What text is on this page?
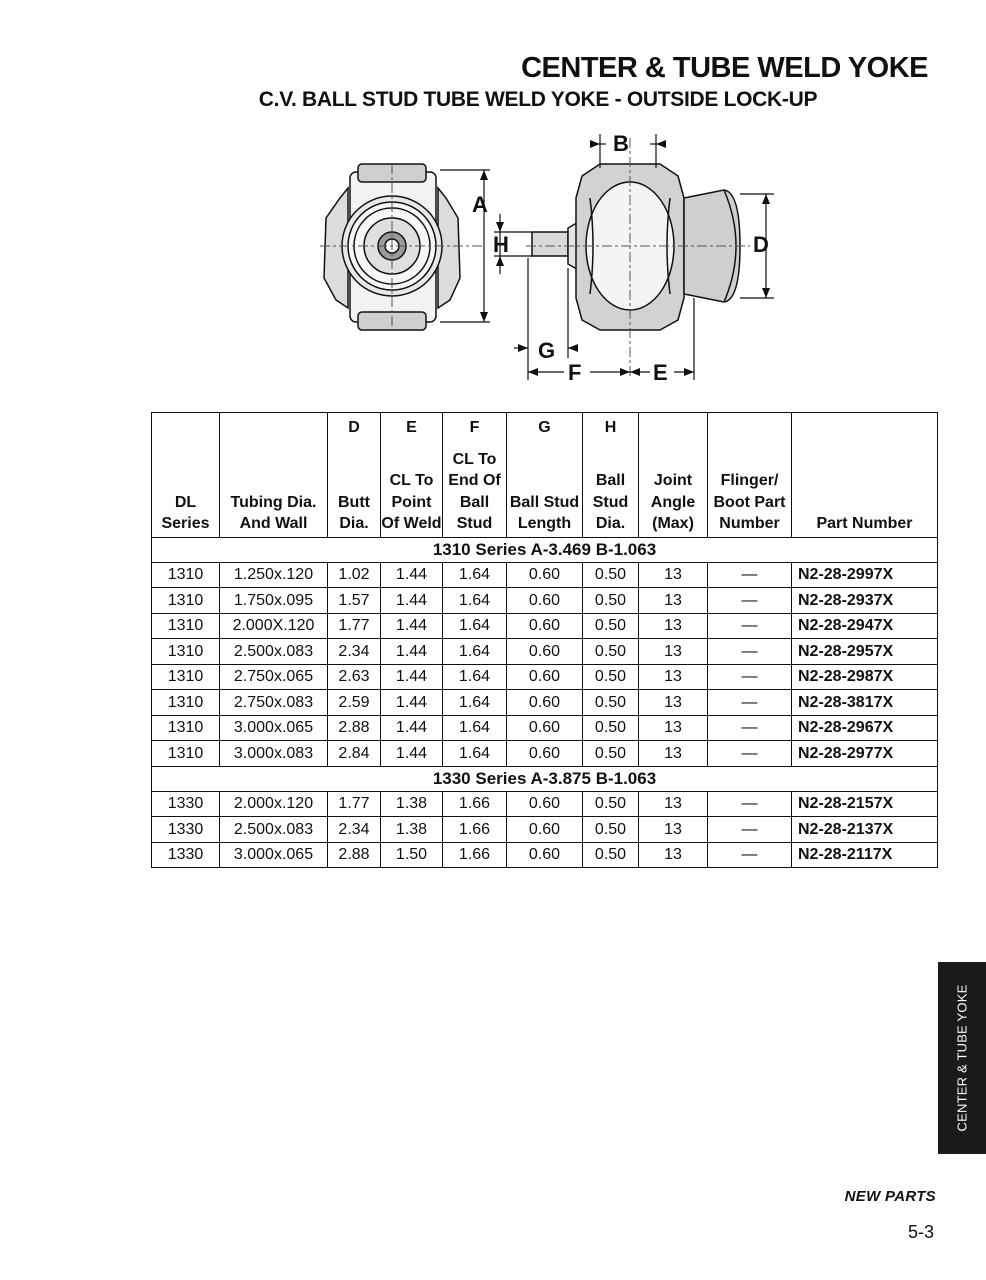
CENTER & TUBE WELD YOKE
C.V. BALL STUD TUBE WELD YOKE - OUTSIDE LOCK-UP
A
B
D
H
G
F	E
DL Series	Tubing Dia. And Wall	D	E	F	G	H	Joint Angle (Max)	Flinger/ Boot Part Number	Part Number
		Butt Dia.	CL To Point Of Weld	CL To End Of Ball Stud	Ball Stud Length	Ball Stud Dia.			
1310 Series A-3.469 B-1.063									
1310	1.250x.120	1.02	1.44	1.64	0.60	0.50	13	—	N2-28-2997X
1310	1.750x.095	1.57	1.44	1.64	0.60	0.50	13	—	N2-28-2937X
1310	2.000X.120	1.77	1.44	1.64	0.60	0.50	13	—	N2-28-2947X
1310	2.500x.083	2.34	1.44	1.64	0.60	0.50	13	—	N2-28-2957X
1310	2.750x.065	2.63	1.44	1.64	0.60	0.50	13	—	N2-28-2987X
1310	2.750x.083	2.59	1.44	1.64	0.60	0.50	13	—	N2-28-3817X
1310	3.000x.065	2.88	1.44	1.64	0.60	0.50	13	—	N2-28-2967X
1310	3.000x.083	2.84	1.44	1.64	0.60	0.50	13	—	N2-28-2977X
1330 Series A-3.875 B-1.063									
1330	2.000x.120	1.77	1.38	1.66	0.60	0.50	13	—	N2-28-2157X
1330	2.500x.083	2.34	1.38	1.66	0.60	0.50	13	—	N2-28-2137X
1330	3.000x.065	2.88	1.50	1.66	0.60	0.50	13	—	N2-28-2117X
CENTER & TUBE YOKE
NEW PARTS
5-3
